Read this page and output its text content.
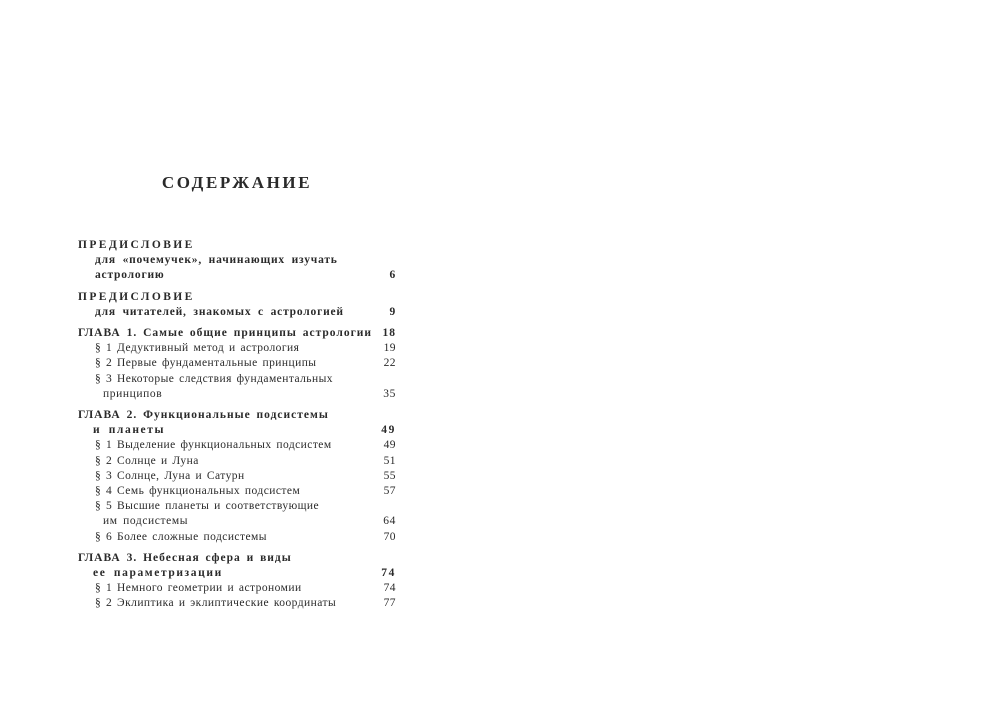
СОДЕРЖАНИЕ
ПРЕДИСЛОВИЕ
для «почемучек», начинающих изучать
астрологию	6
ПРЕДИСЛОВИЕ
для читателей, знакомых с астрологией	9
ГЛАВА 1. Самые общие принципы астрологии 18
§ 1 Дедуктивный метод и астрология	19
§ 2 Первые фундаментальные принципы	22
§ 3 Некоторые следствия фундаментальных
принципов	35
ГЛАВА 2. Функциональные подсистемы
и планеты	49
§ 1 Выделение функциональных подсистем	49
§ 2 Солнце и Луна	51
§ 3 Солнце, Луна и Сатурн	55
§ 4 Семь функциональных подсистем	57
§ 5 Высшие планеты и соответствующие
им подсистемы	64
§ 6 Более сложные подсистемы	70
ГЛАВА 3. Небесная сфера и виды
ее параметризации	74
§ 1 Немного геометрии и астрономии	74
§ 2 Эклиптика и эклиптические координаты	77
